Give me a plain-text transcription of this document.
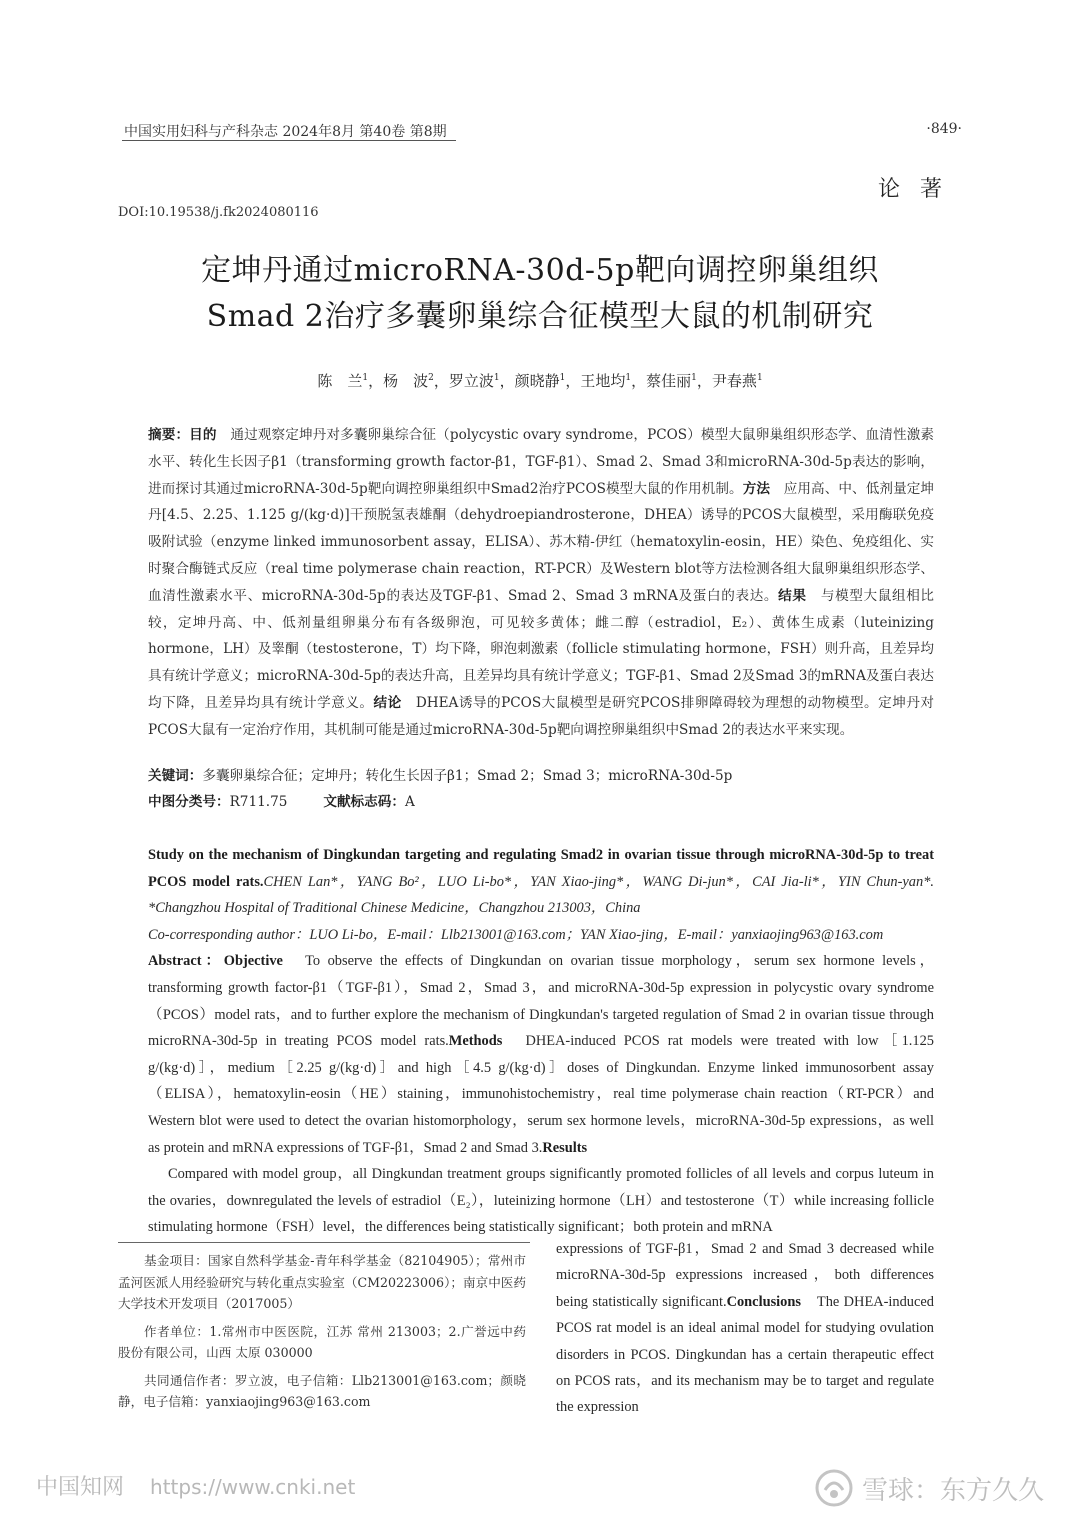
中国实用妇科与产科杂志 2024年8月 第40卷 第8期	·849·
论著
DOI:10.19538/j.fk2024080116
定坤丹通过microRNA-30d-5p靶向调控卵巢组织
Smad 2治疗多囊卵巢综合征模型大鼠的机制研究
陈　兰$^1$，杨　波$^2$，罗立波$^1$，颜晓静$^1$，王地均$^1$，蔡佳丽$^1$，尹春燕$^1$
摘要：目的　 通过观察定坤丹对多囊卵巢综合征（polycystic ovary syndrome，PCOS）模型大鼠卵巢组织形态学、血清性激素水平、转化生长因子β1（transforming growth factor-β1，TGF-β1）、Smad 2、Smad 3和microRNA-30d-5p表达的影响，进而探讨其通过microRNA-30d-5p靶向调控卵巢组织中Smad2治疗PCOS模型大鼠的作用机制。方法　 应用高、中、低剂量定坤丹[4.5、2.25、1.125 g/(kg·d)]干预脱氢表雄酮（dehydroepiandrosterone，DHEA）诱导的PCOS大鼠模型，采用酶联免疫吸附试验（enzyme linked immunosorbent assay，ELISA）、苏木精-伊红（hematoxylin-eosin，HE）染色、免疫组化、实时聚合酶链式反应（real time polymerase chain reaction，RT-PCR）及Western blot等方法检测各组大鼠卵巢组织形态学、血清性激素水平、microRNA-30d-5p的表达及TGF-β1、Smad 2、Smad 3 mRNA及蛋白的表达。结果　 与模型大鼠组相比较，定坤丹高、中、低剂量组卵巢分布有各级卵泡，可见较多黄体；雌二醇（estradiol，E₂）、黄体生成素（luteinizing hormone，LH）及睾酮（testosterone，T）均下降，卵泡刺激素（follicle stimulating hormone，FSH）则升高，且差异均具有统计学意义；microRNA-30d-5p的表达升高，且差异均具有统计学意义；TGF-β1、Smad 2及Smad 3的mRNA及蛋白表达均下降，且差异均具有统计学意义。结论　 DHEA诱导的PCOS大鼠模型是研究PCOS排卵障碍较为理想的动物模型。定坤丹对PCOS大鼠有一定治疗作用，其机制可能是通过microRNA-30d-5p靶向调控卵巢组织中Smad 2的表达水平来实现。
关键词：多囊卵巢综合征；定坤丹；转化生长因子β1；Smad 2；Smad 3；microRNA-30d-5p
中图分类号：R711.75	文献标志码：A
Study on the mechanism of Dingkundan targeting and regulating Smad2 in ovarian tissue through microRNA-30d-5p to treat PCOS model rats.CHEN Lan*，YANG Bo²，LUO Li-bo*，YAN Xiao-jing*，WANG Di-jun*，CAI Jia-li*，YIN Chun-yan*. *Changzhou Hospital of Traditional Chinese Medicine，Changzhou 213003，China
Co-corresponding author：LUO Li-bo，E-mail：Llb213001@163.com；YAN Xiao-jing，E-mail：yanxiaojing963@163.com
Abstract：Objective　 To observe the effects of Dingkundan on ovarian tissue morphology，serum sex hormone levels，transforming growth factor-β1（TGF-β1），Smad 2，Smad 3，and microRNA-30d-5p expression in polycystic ovary syndrome（PCOS）model rats，and to further explore the mechanism of Dingkundan's targeted regulation of Smad 2 in ovarian tissue through microRNA-30d-5p in treating PCOS model rats.Methods　 DHEA-induced PCOS rat models were treated with low［1.125 g/(kg·d)］，medium［2.25 g/(kg·d)］and high［4.5 g/(kg·d)］doses of Dingkundan. Enzyme linked immunosorbent assay（ELISA），hematoxylin-eosin（HE）staining，immunohistochemistry，real time polymerase chain reaction（RT-PCR）and Western blot were used to detect the ovarian histomorphology，serum sex hormone levels，microRNA-30d-5p expressions，as well as protein and mRNA expressions of TGF-β1，Smad 2 and Smad 3.Results
Compared with model group，all Dingkundan treatment groups significantly promoted follicles of all levels and corpus luteum in the ovaries，downregulated the levels of estradiol（E₂），luteinizing hormone（LH）and testosterone（T）while increasing follicle stimulating hormone（FSH）level，the differences being statistically significant；both protein and mRNA

基金项目：国家自然科学基金-青年科学基金（82104905）；常州市孟河医派人用经验研究与转化重点实验室（CM20223006）；南京中医药大学技术开发项目（2017005）

作者单位：1.常州市中医医院，江苏 常州 213003；2.广誉远中药股份有限公司，山西 太原 030000

共同通信作者：罗立波，电子信箱：Llb213001@163.com；颜晓静，电子信箱：yanxiaojing963@163.com

expressions of TGF-β1，Smad 2 and Smad 3 decreased while microRNA-30d-5p expressions increased，both differences being statistically significant.Conclusions　 The DHEA-induced PCOS rat model is an ideal animal model for studying ovulation disorders in PCOS. Dingkundan has a certain therapeutic effect on PCOS rats，and its mechanism may be to target and regulate the expression
中国知网 https://www.cnki.net	雪球：东方久久
